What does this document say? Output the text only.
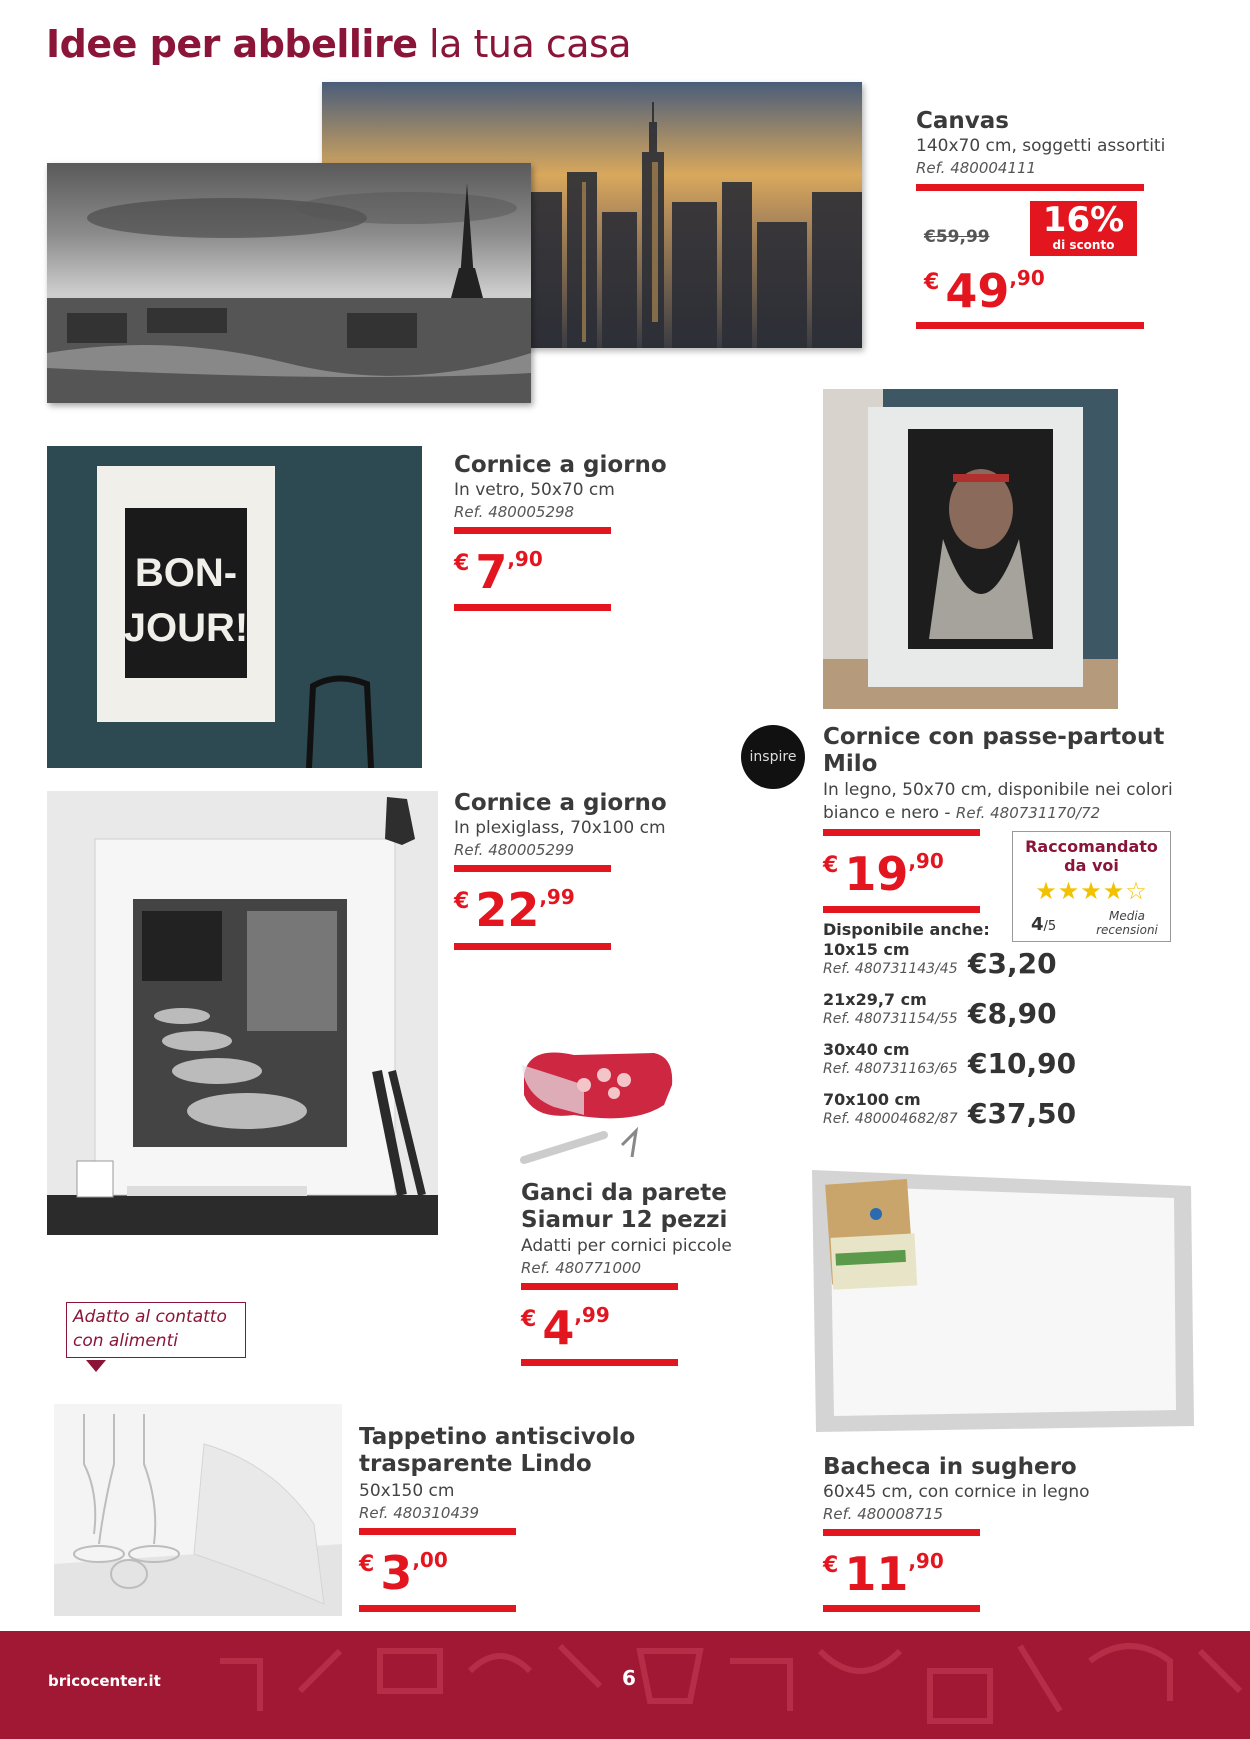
Idee per abbellire la tua casa
Canvas
140x70 cm, soggetti assortiti
Ref. 480004111
€59,99	16%
di sconto
€ 49,90
BON-
JOUR!
Cornice a giorno
In vetro, 50x70 cm
Ref. 480005298
€ 7,90
inspire
Cornice con passe-partout
Milo
In legno, 50x70 cm, disponibile nei colori
bianco e nero - Ref. 480731170/72
€ 19,90
Raccomandato
da voi
★★★★☆
4/5
Media
recensioni
Disponibile anche:
10x15 cm
Ref. 480731143/45 €3,20
21x29,7 cm
Ref. 480731154/55 €8,90
30x40 cm
Ref. 480731163/65 €10,90
70x100 cm
Ref. 480004682/87 €37,50
Cornice a giorno
In plexiglass, 70x100 cm
Ref. 480005299
€ 22,99
Ganci da parete
Siamur 12 pezzi
Adatti per cornici piccole
Ref. 480771000
€ 4,99
Bacheca in sughero
60x45 cm, con cornice in legno
Ref. 480008715
€ 11,90
Adatto al contatto
con alimenti
Tappetino antiscivolo
trasparente Lindo
50x150 cm
Ref. 480310439
€ 3,00
bricocenter.it	6
